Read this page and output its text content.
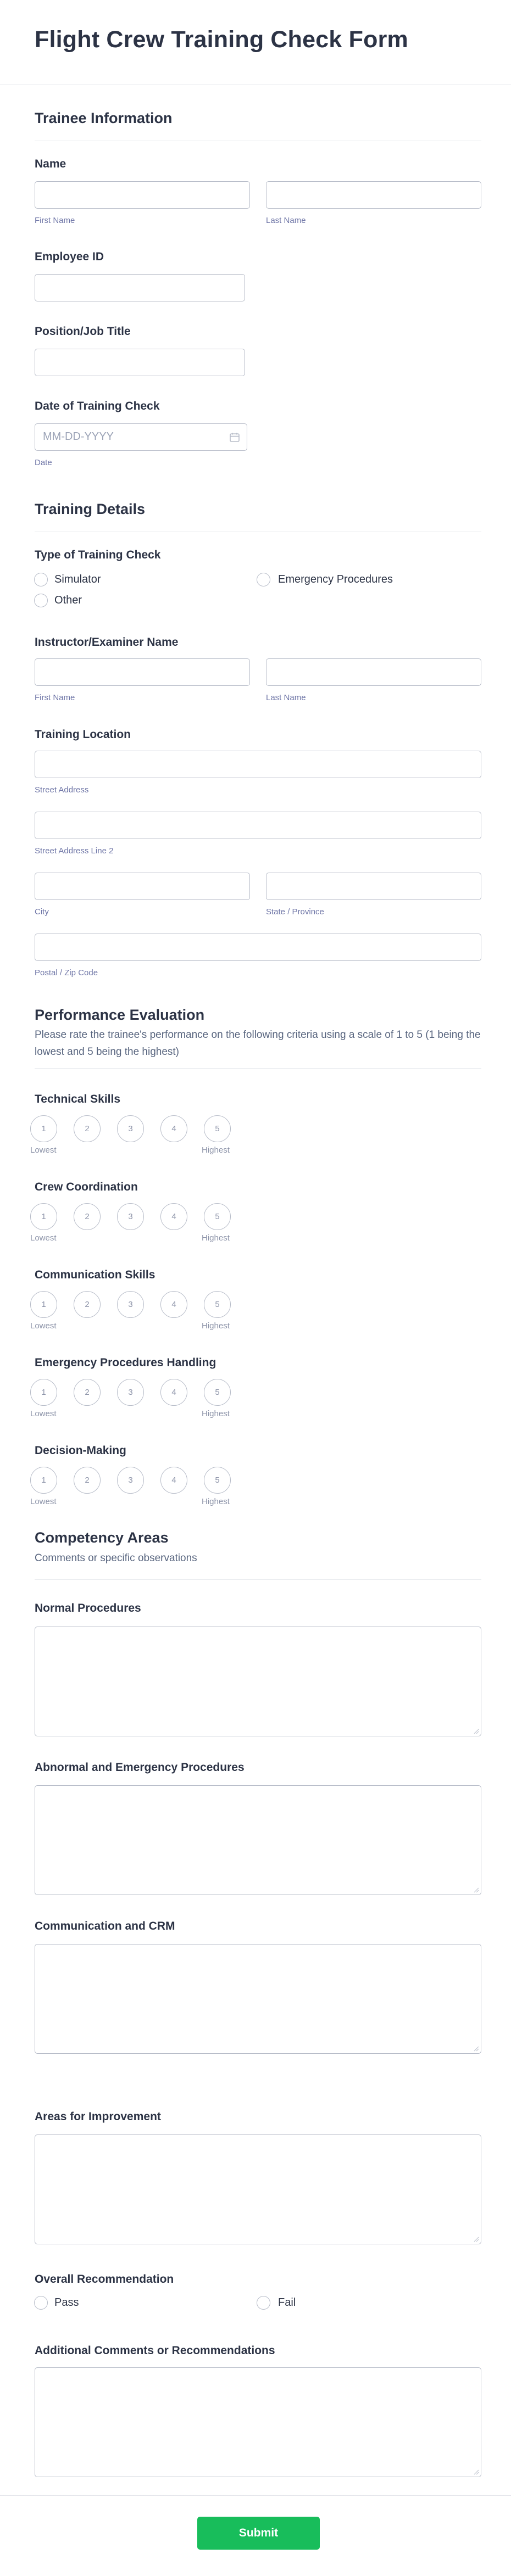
Flight Crew Training Check Form
Trainee Information
Name
First Name	Last Name
Employee ID
Position/Job Title
Date of Training Check
MM-DD-YYYY
Date
Training Details
Type of Training Check
Simulator	Emergency Procedures
Other
Instructor/Examiner Name
First Name	Last Name
Training Location
Street Address
Street Address Line 2
City	State / Province
Postal / Zip Code
Performance Evaluation
Please rate the trainee's performance on the following criteria using a scale of 1 to 5 (1 being the lowest and 5 being the highest)
Technical Skills
1	2	3	4	5
Lowest	Highest
Crew Coordination
1	2	3	4	5
Lowest	Highest
Communication Skills
1	2	3	4	5
Lowest	Highest
Emergency Procedures Handling
1	2	3	4	5
Lowest	Highest
Decision-Making
1	2	3	4	5
Lowest	Highest
Competency Areas
Comments or specific observations
Normal Procedures
Abnormal and Emergency Procedures
Communication and CRM
Areas for Improvement
Overall Recommendation
Pass	Fail
Additional Comments or Recommendations
Submit
